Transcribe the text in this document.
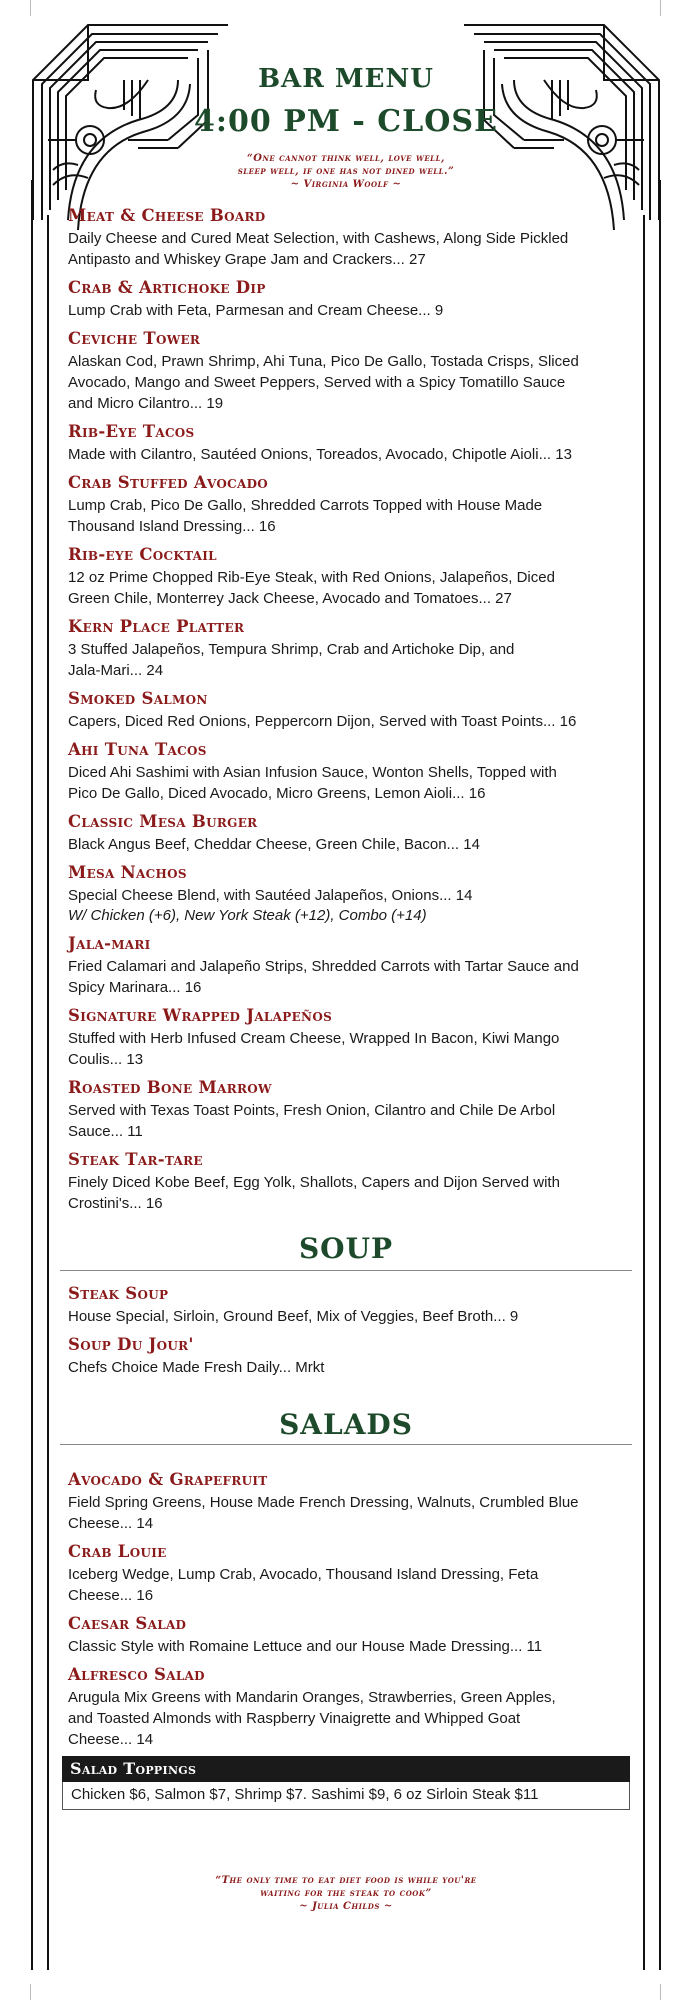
BAR MENU
4:00 PM - CLOSE
“One cannot think well, love well,
sleep well, if one has not dined well.”
~ Virginia Woolf ~
Meat & Cheese Board
Daily Cheese and Cured Meat Selection, with Cashews, Along Side Pickled
Antipasto and Whiskey Grape Jam and Crackers... 27
Crab & Artichoke Dip
Lump Crab with Feta, Parmesan and Cream Cheese... 9
Ceviche Tower
Alaskan Cod, Prawn Shrimp, Ahi Tuna, Pico De Gallo, Tostada Crisps, Sliced
Avocado, Mango and Sweet Peppers, Served with a Spicy Tomatillo Sauce
and Micro Cilantro... 19
Rib-Eye Tacos
Made with Cilantro, Sautéed Onions, Toreados, Avocado, Chipotle Aioli... 13
Crab Stuffed Avocado
Lump Crab, Pico De Gallo, Shredded Carrots Topped with House Made
Thousand Island Dressing... 16
Rib-eye Cocktail
12 oz Prime Chopped Rib-Eye Steak, with Red Onions, Jalapeños, Diced
Green Chile, Monterrey Jack Cheese, Avocado and Tomatoes... 27
Kern Place Platter
3 Stuffed Jalapeños, Tempura Shrimp, Crab and Artichoke Dip, and
Jala-Mari... 24
Smoked Salmon
Capers, Diced Red Onions, Peppercorn Dijon, Served with Toast Points... 16
Ahi Tuna Tacos
Diced Ahi Sashimi with Asian Infusion Sauce, Wonton Shells, Topped with
Pico De Gallo, Diced Avocado, Micro Greens, Lemon Aioli... 16
Classic Mesa Burger
Black Angus Beef, Cheddar Cheese, Green Chile, Bacon... 14
Mesa Nachos
Special Cheese Blend, with Sautéed Jalapeños, Onions... 14
W/ Chicken (+6), New York Steak (+12), Combo (+14)
Jala-mari
Fried Calamari and Jalapeño Strips, Shredded Carrots with Tartar Sauce and
Spicy Marinara... 16
Signature Wrapped Jalapeños
Stuffed with Herb Infused Cream Cheese, Wrapped In Bacon, Kiwi Mango
Coulis... 13
Roasted Bone Marrow
Served with Texas Toast Points, Fresh Onion, Cilantro and Chile De Arbol
Sauce... 11
Steak Tar-tare
Finely Diced Kobe Beef, Egg Yolk, Shallots, Capers and Dijon Served with
Crostini's... 16
SOUP
Steak Soup
House Special, Sirloin, Ground Beef, Mix of Veggies, Beef Broth... 9
Soup Du Jour'
Chefs Choice Made Fresh Daily... Mrkt
SALADS
Avocado & Grapefruit
Field Spring Greens, House Made French Dressing, Walnuts, Crumbled Blue
Cheese... 14
Crab Louie
Iceberg Wedge, Lump Crab, Avocado, Thousand Island Dressing, Feta
Cheese... 16
Caesar Salad
Classic Style with Romaine Lettuce and our House Made Dressing... 11
Alfresco Salad
Arugula Mix Greens with Mandarin Oranges, Strawberries, Green Apples,
and Toasted Almonds with Raspberry Vinaigrette and Whipped Goat
Cheese... 14
Salad Toppings
Chicken $6, Salmon $7, Shrimp $7. Sashimi $9, 6 oz Sirloin Steak $11
“The only time to eat diet food is while you're
waiting for the steak to cook”
~ Julia Childs ~
